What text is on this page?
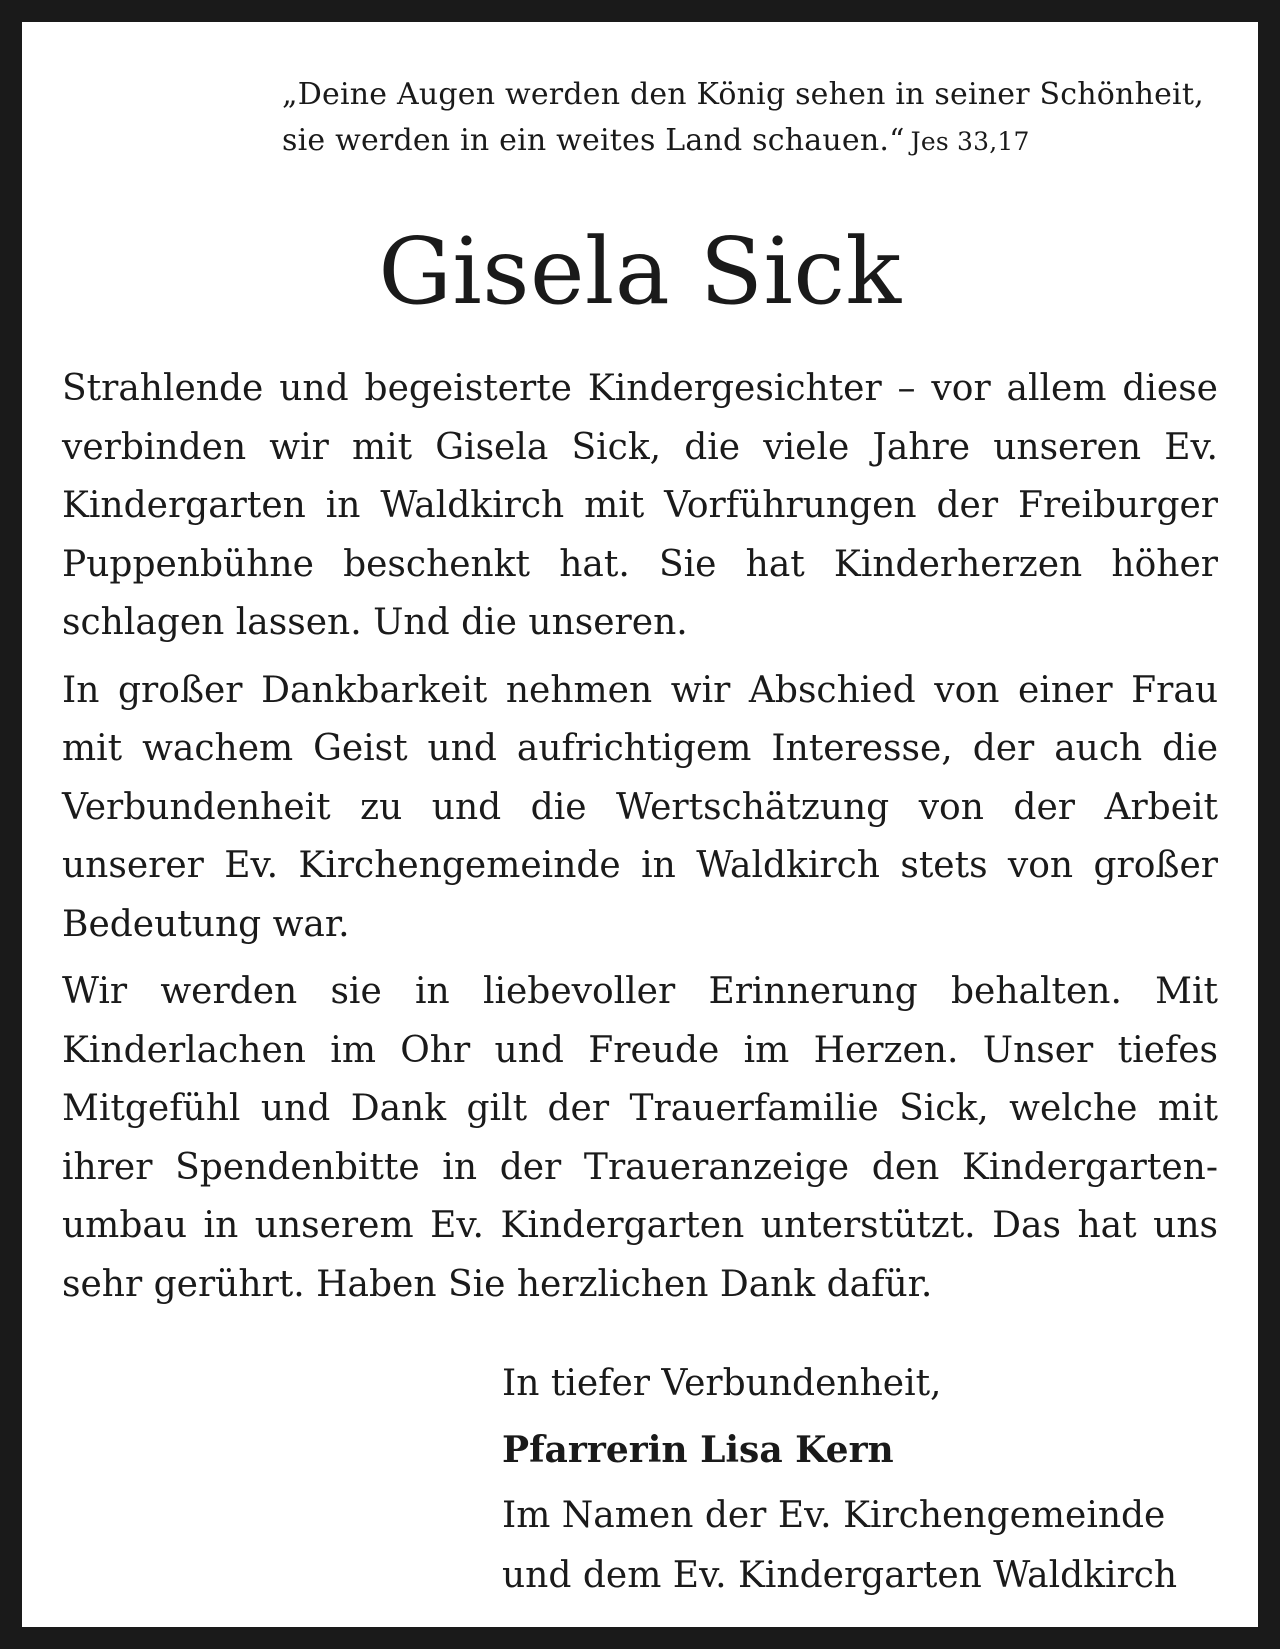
„Deine Augen werden den König sehen in seiner Schönheit,
sie werden in ein weites Land schauen.“ Jes 33,17
Gisela Sick

Strahlende und begeisterte Kindergesichter – vor allem diese verbinden wir mit Gisela Sick, die viele Jahre unseren Ev. Kindergarten in Waldkirch mit Vorführungen der Freiburger Puppenbühne beschenkt hat. Sie hat Kinderherzen höher schlagen lassen. Und die unseren.

In großer Dankbarkeit nehmen wir Abschied von einer Frau mit wachem Geist und aufrichtigem Interesse, der auch die Verbundenheit zu und die Wertschätzung von der Arbeit unserer Ev. Kirchengemeinde in Waldkirch stets von großer Bedeutung war.

Wir werden sie in liebevoller Erinnerung behalten. Mit Kinderlachen im Ohr und Freude im Herzen. Unser tiefes Mitgefühl und Dank gilt der Trauerfamilie Sick, welche mit ihrer Spendenbitte in der Traueranzeige den Kindergartenumbau in unserem Ev. Kindergarten unterstützt. Das hat uns sehr gerührt. Haben Sie herzlichen Dank dafür.

In tiefer Verbundenheit,
Pfarrerin Lisa Kern
Im Namen der Ev. Kirchengemeinde
und dem Ev. Kindergarten Waldkirch
